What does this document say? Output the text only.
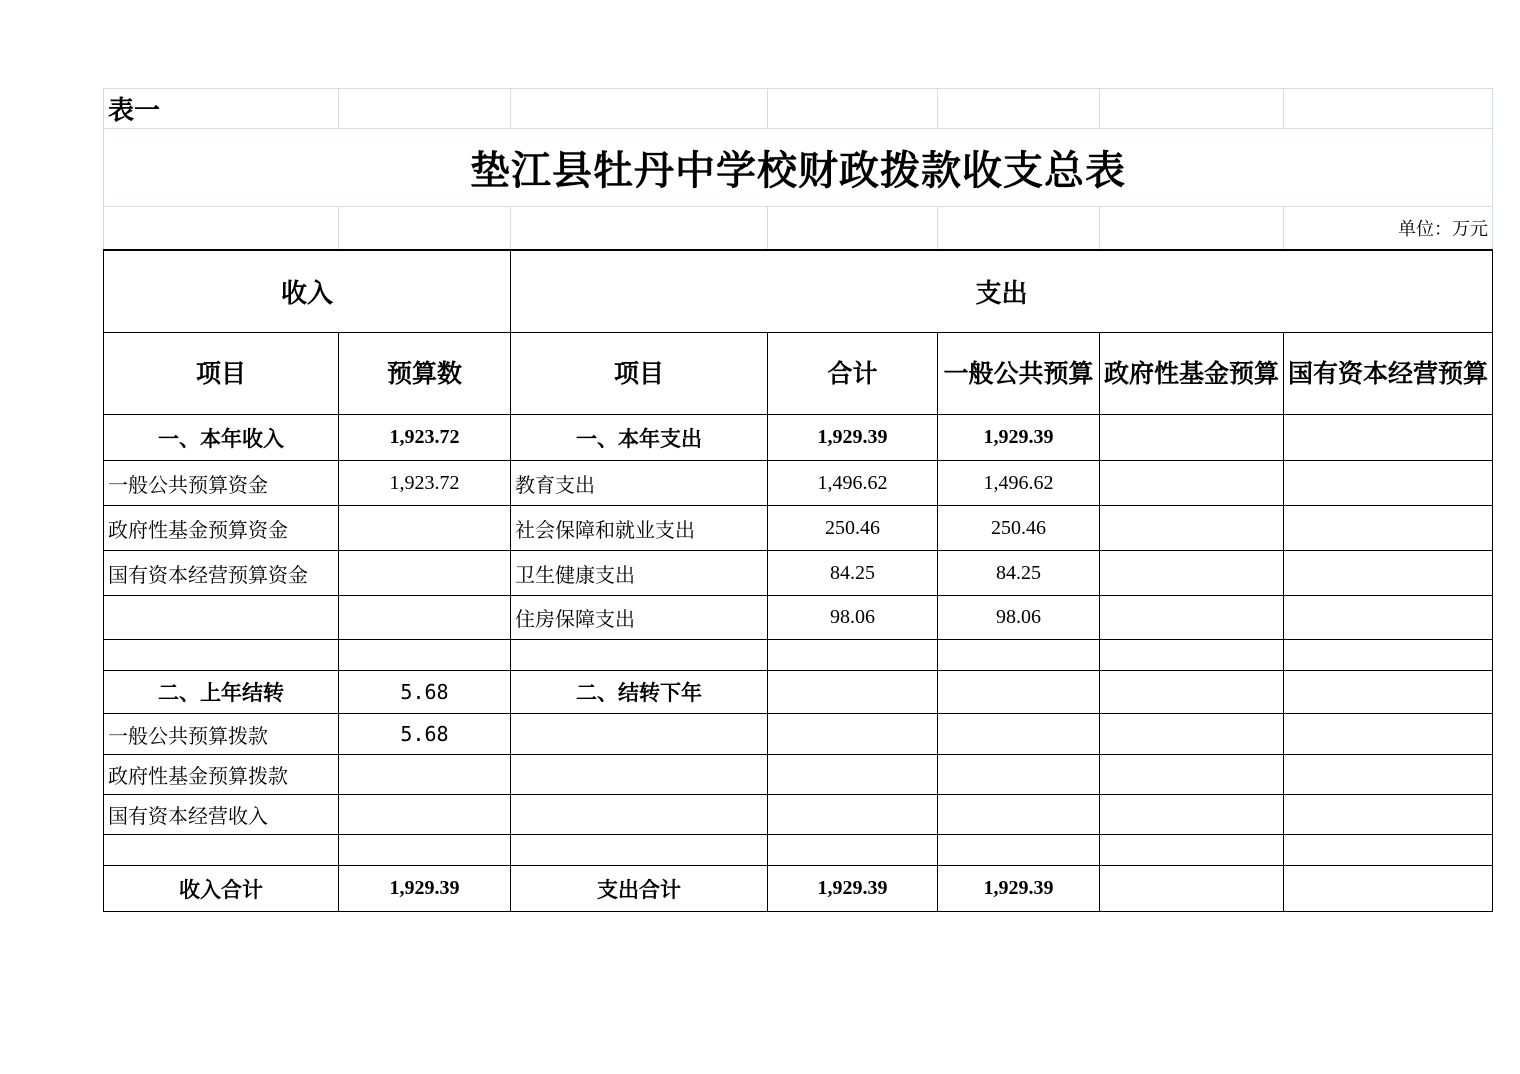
表一						
垫江县牡丹中学校财政拨款收支总表						
						单位：万元
收入		支出				
项目	预算数	项目	合计	一般公共预算	政府性基金预算	国有资本经营预算
一、本年收入	1,923.72	一、本年支出	1,929.39	1,929.39		
一般公共预算资金	1,923.72	教育支出	1,496.62	1,496.62		
政府性基金预算资金		社会保障和就业支出	250.46	250.46		
国有资本经营预算资金		卫生健康支出	84.25	84.25		
		住房保障支出	98.06	98.06		

二、上年结转	5.68	二、结转下年				
一般公共预算拨款	5.68					
政府性基金预算拨款						
国有资本经营收入						

收入合计	1,929.39	支出合计	1,929.39	1,929.39		
